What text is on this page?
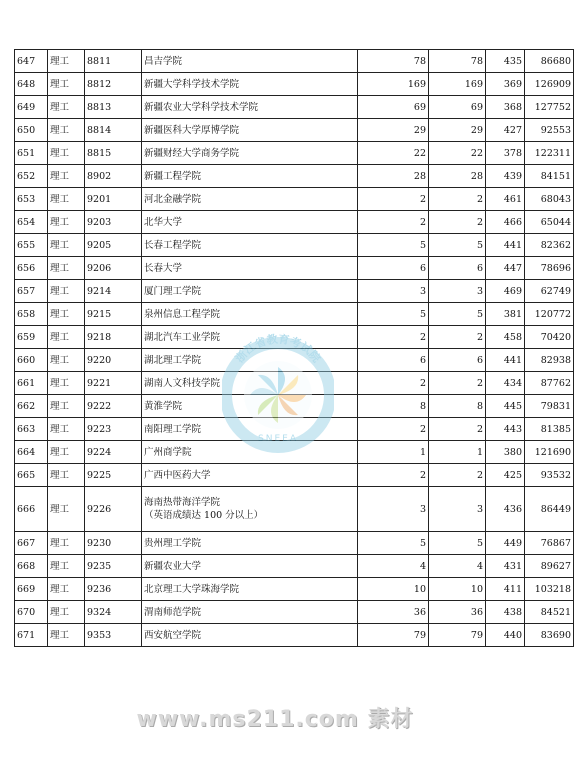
647	理工	8811	昌吉学院	78	78	435	86680
648	理工	8812	新疆大学科学技术学院	169	169	369	126909
649	理工	8813	新疆农业大学科学技术学院	69	69	368	127752
650	理工	8814	新疆医科大学厚博学院	29	29	427	92553
651	理工	8815	新疆财经大学商务学院	22	22	378	122311
652	理工	8902	新疆工程学院	28	28	439	84151
653	理工	9201	河北金融学院	2	2	461	68043
654	理工	9203	北华大学	2	2	466	65044
655	理工	9205	长春工程学院	5	5	441	82362
656	理工	9206	长春大学	6	6	447	78696
657	理工	9214	厦门理工学院	3	3	469	62749
658	理工	9215	泉州信息工程学院	5	5	381	120772
659	理工	9218	湖北汽车工业学院	2	2	458	70420
660	理工	9220	湖北理工学院	6	6	441	82938
661	理工	9221	湖南人文科技学院	2	2	434	87762
662	理工	9222	黄淮学院	8	8	445	79831
663	理工	9223	南阳理工学院	2	2	443	81385
664	理工	9224	广州商学院	1	1	380	121690
665	理工	9225	广西中医药大学	2	2	425	93532
666	理工	9226	海南热带海洋学院
（英语成绩达 100 分以上）	3	3	436	86449
667	理工	9230	贵州理工学院	5	5	449	76867
668	理工	9235	新疆农业大学	4	4	431	89627
669	理工	9236	北京理工大学珠海学院	10	10	411	103218
670	理工	9324	渭南师范学院	36	36	438	84521
671	理工	9353	西安航空学院	79	79	440	83690
浙江省教育考试院
SNEEA
www.ms211.com 素材
